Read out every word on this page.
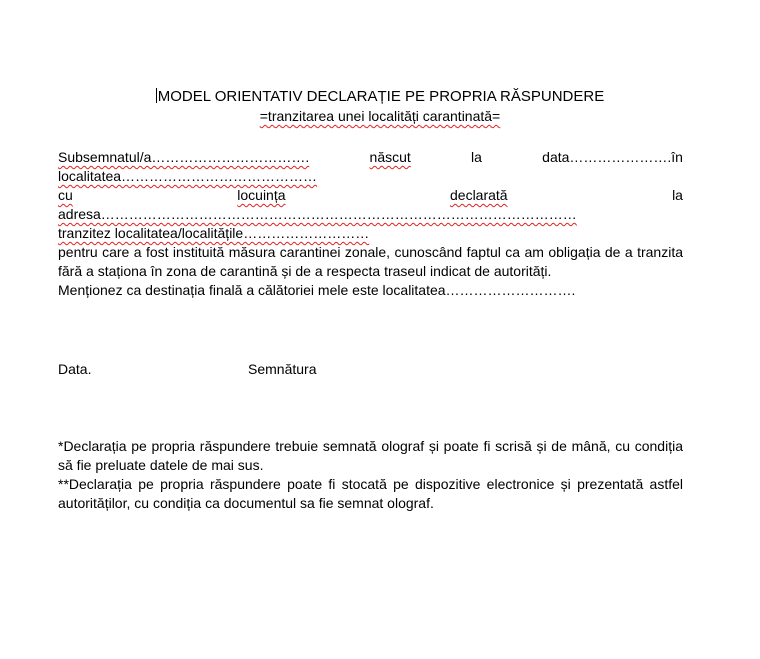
MODEL ORIENTATIV DECLARAȚIE PE PROPRIA RĂSPUNDERE
=tranzitarea unei localități carantinată=
Subsemnatul/a…………………………….	născut	la	data………………….în
localitatea……………………………………
cu	locuința	declarată	la
adresa…………………………………………………………………………………………
tranzitez localitatea/localitățile………………………
pentru care a fost instituită măsura carantinei zonale, cunoscând faptul ca am obligația de a tranzita fără a staționa în zona de carantină și de a respecta traseul indicat de autorități.
Menționez ca destinația finală a călătoriei mele este localitatea……………………….
Data.	Semnătura

*Declarația pe propria răspundere trebuie semnată olograf și poate fi scrisă și de mână, cu condiția să fie preluate datele de mai sus.

**Declarația pe propria răspundere poate fi stocată pe dispozitive electronice și prezentată astfel autorităților, cu condiția ca documentul sa fie semnat olograf.
